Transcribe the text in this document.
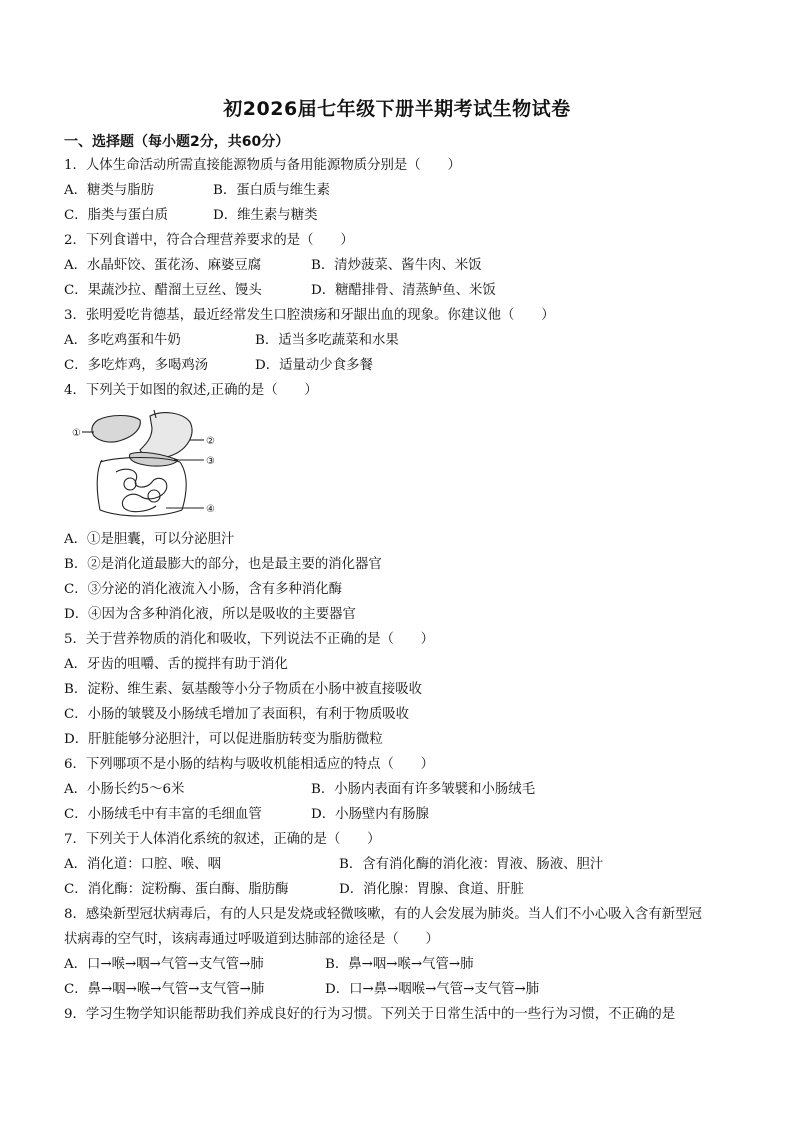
初2026届七年级下册半期考试生物试卷
一、选择题（每小题2分，共60分）
1．人体生命活动所需直接能源物质与备用能源物质分别是（　　）
A．糖类与脂肪	B．蛋白质与维生素
C．脂类与蛋白质	D．维生素与糖类
2．下列食谱中，符合合理营养要求的是（　　）
A．水晶虾饺、蛋花汤、麻婆豆腐	B．清炒菠菜、酱牛肉、米饭
C．果蔬沙拉、醋溜土豆丝、馒头	D．糖醋排骨、清蒸鲈鱼、米饭
3．张明爱吃肯德基，最近经常发生口腔溃疡和牙龈出血的现象。你建议他（　　）
A．多吃鸡蛋和牛奶	B．适当多吃蔬菜和水果
C．多吃炸鸡，多喝鸡汤	D．适量动少食多餐
4．下列关于如图的叙述,正确的是（　　）
①
②
③
④
A．①是胆囊，可以分泌胆汁
B．②是消化道最膨大的部分，也是最主要的消化器官
C．③分泌的消化液流入小肠，含有多种消化酶
D．④因为含多种消化液，所以是吸收的主要器官
5．关于营养物质的消化和吸收，下列说法不正确的是（　　）
A．牙齿的咀嚼、舌的搅拌有助于消化
B．淀粉、维生素、氨基酸等小分子物质在小肠中被直接吸收
C．小肠的皱襞及小肠绒毛增加了表面积，有利于物质吸收
D．肝脏能够分泌胆汁，可以促进脂肪转变为脂肪微粒
6．下列哪项不是小肠的结构与吸收机能相适应的特点（　　）
A．小肠长约5～6米	B．小肠内表面有许多皱襞和小肠绒毛
C．小肠绒毛中有丰富的毛细血管	D．小肠壁内有肠腺
7．下列关于人体消化系统的叙述，正确的是（　　）
A．消化道：口腔、喉、咽	B．含有消化酶的消化液：胃液、肠液、胆汁
C．消化酶：淀粉酶、蛋白酶、脂肪酶	D．消化腺：胃腺、食道、肝脏
8．感染新型冠状病毒后，有的人只是发烧或轻微咳嗽，有的人会发展为肺炎。当人们不小心吸入含有新型冠
状病毒的空气时，该病毒通过呼吸道到达肺部的途径是（　　）
A．口→喉→咽→气管→支气管→肺	B．鼻→咽→喉→气管→肺
C．鼻→咽→喉→气管→支气管→肺	D．口→鼻→咽喉→气管→支气管→肺
9．学习生物学知识能帮助我们养成良好的行为习惯。下列关于日常生活中的一些行为习惯，不正确的是
